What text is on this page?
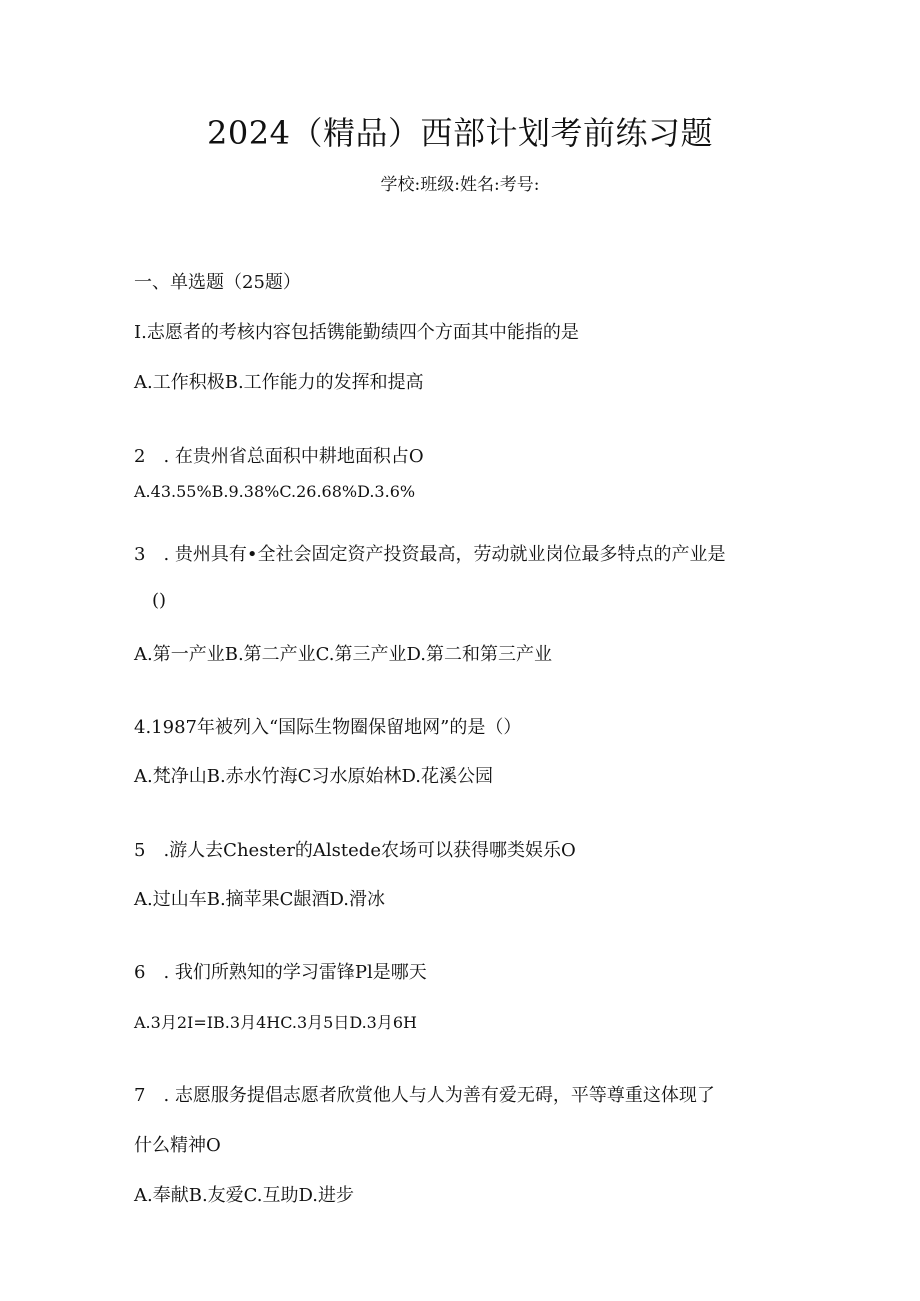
2024（精品）西部计划考前练习题

学校:班级:姓名:考号:

一、单选题（25题）

I.志愿者的考核内容包括镌能勤绩四个方面其中能指的是

A.工作积极B.工作能力的发挥和提高

2　. 在贵州省总面积中耕地面积占O

A.43.55%B.9.38%C.26.68%D.3.6%

3　. 贵州具有•全社会固定资产投资最高，劳动就业岗位最多特点的产业是

()

A.第一产业B.第二产业C.第三产业D.第二和第三产业

4.1987年被列入“国际生物圈保留地网”的是（）

A.梵净山B.赤水竹海C习水原始林D.花溪公园

5　.游人去Chester的Alstede农场可以获得哪类娱乐O

A.过山车B.摘苹果C龈酒D.滑冰

6　. 我们所熟知的学习雷锋Pl是哪天

A.3月2I=IB.3月4HC.3月5日D.3月6H

7　. 志愿服务提倡志愿者欣赏他人与人为善有爱无碍，平等尊重这体现了

什么精神O

A.奉献B.友爱C.互助D.进步
